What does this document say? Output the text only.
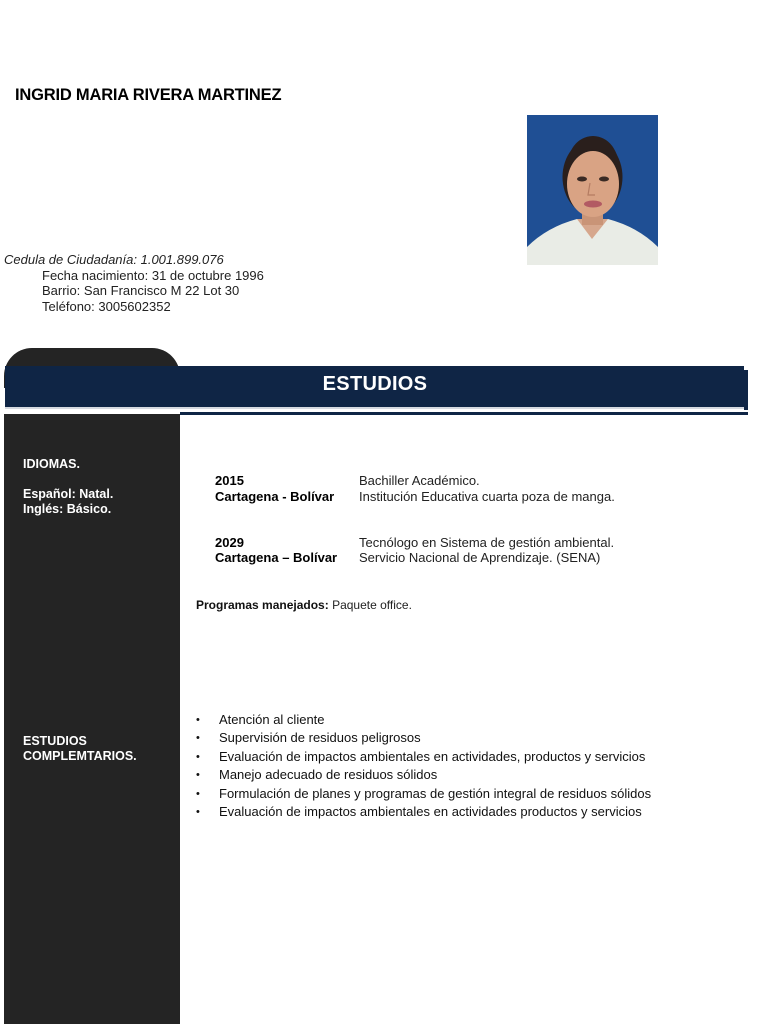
INGRID MARIA RIVERA MARTINEZ
Cedula de Ciudadanía: 1.001.899.076
Fecha nacimiento: 31 de octubre 1996
Barrio: San Francisco M 22 Lot 30
Teléfono: 3005602352
ESTUDIOS
IDIOMAS.
Español: Natal.
Inglés: Básico.
ESTUDIOS
COMPLEMTARIOS.
2015
Cartagena - Bolívar
Bachiller Académico.
Institución Educativa cuarta poza de manga.
2029
Cartagena – Bolívar
Tecnólogo en Sistema de gestión ambiental.
Servicio Nacional de Aprendizaje. (SENA)
Programas manejados: Paquete office.
• Atención al cliente
• Supervisión de residuos peligrosos
• Evaluación de impactos ambientales en actividades, productos y servicios
• Manejo adecuado de residuos sólidos
• Formulación de planes y programas de gestión integral de residuos sólidos
• Evaluación de impactos ambientales en actividades productos y servicios
